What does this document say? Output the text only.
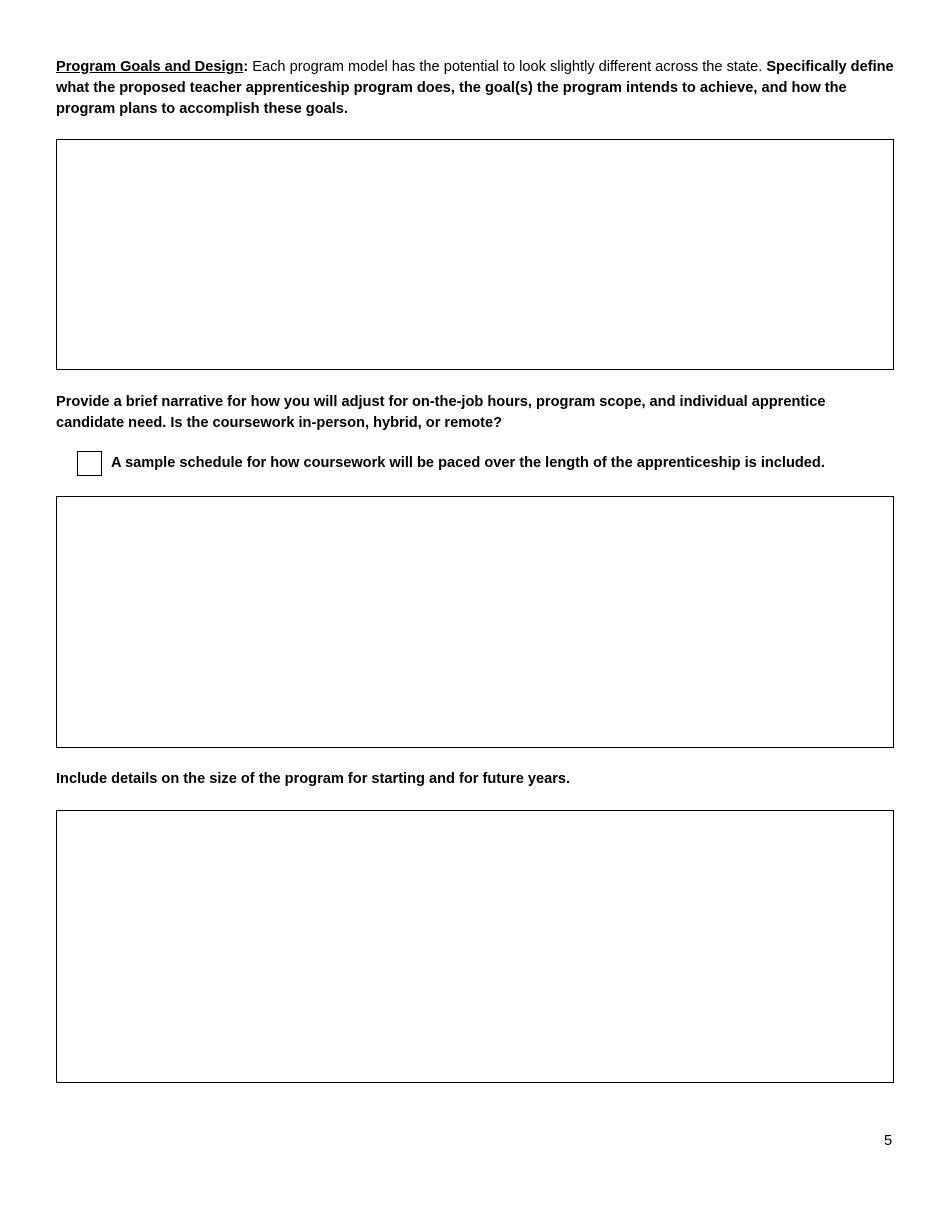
Program Goals and Design: Each program model has the potential to look slightly different across the state. Specifically define what the proposed teacher apprenticeship program does, the goal(s) the program intends to achieve, and how the program plans to accomplish these goals.

Provide a brief narrative for how you will adjust for on-the-job hours, program scope, and individual apprentice candidate need. Is the coursework in-person, hybrid, or remote?

A sample schedule for how coursework will be paced over the length of the apprenticeship is included.

Include details on the size of the program for starting and for future years.

5
